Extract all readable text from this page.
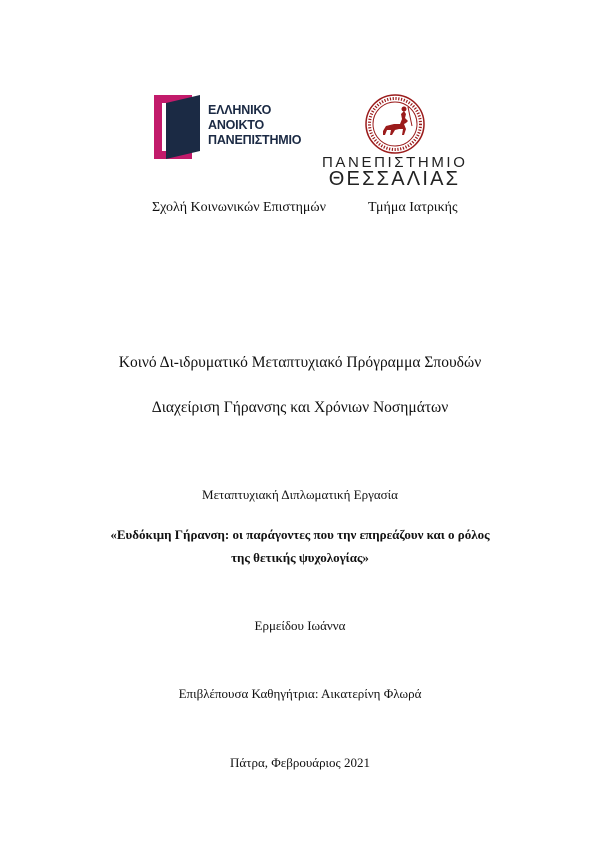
ΕΛΛΗΝΙΚΟ
ΑΝΟΙΚΤΟ
ΠΑΝΕΠΙΣΤΗΜΙΟ
ΠΑΝΕΠΙΣΤΗΜΙΟ
ΘΕΣΣΑΛΙΑΣ
Σχολή Κοινωνικών Επιστημών	Τμήμα Ιατρικής
Κοινό Δι-ιδρυματικό Μεταπτυχιακό Πρόγραμμα Σπουδών
Διαχείριση Γήρανσης και Χρόνιων Νοσημάτων
Μεταπτυχιακή Διπλωματική Εργασία
«Ευδόκιμη Γήρανση: οι παράγοντες που την επηρεάζουν και ο ρόλος
της θετικής ψυχολογίας»
Ερμείδου Ιωάννα
Επιβλέπουσα Καθηγήτρια: Αικατερίνη Φλωρά
Πάτρα, Φεβρουάριος 2021
